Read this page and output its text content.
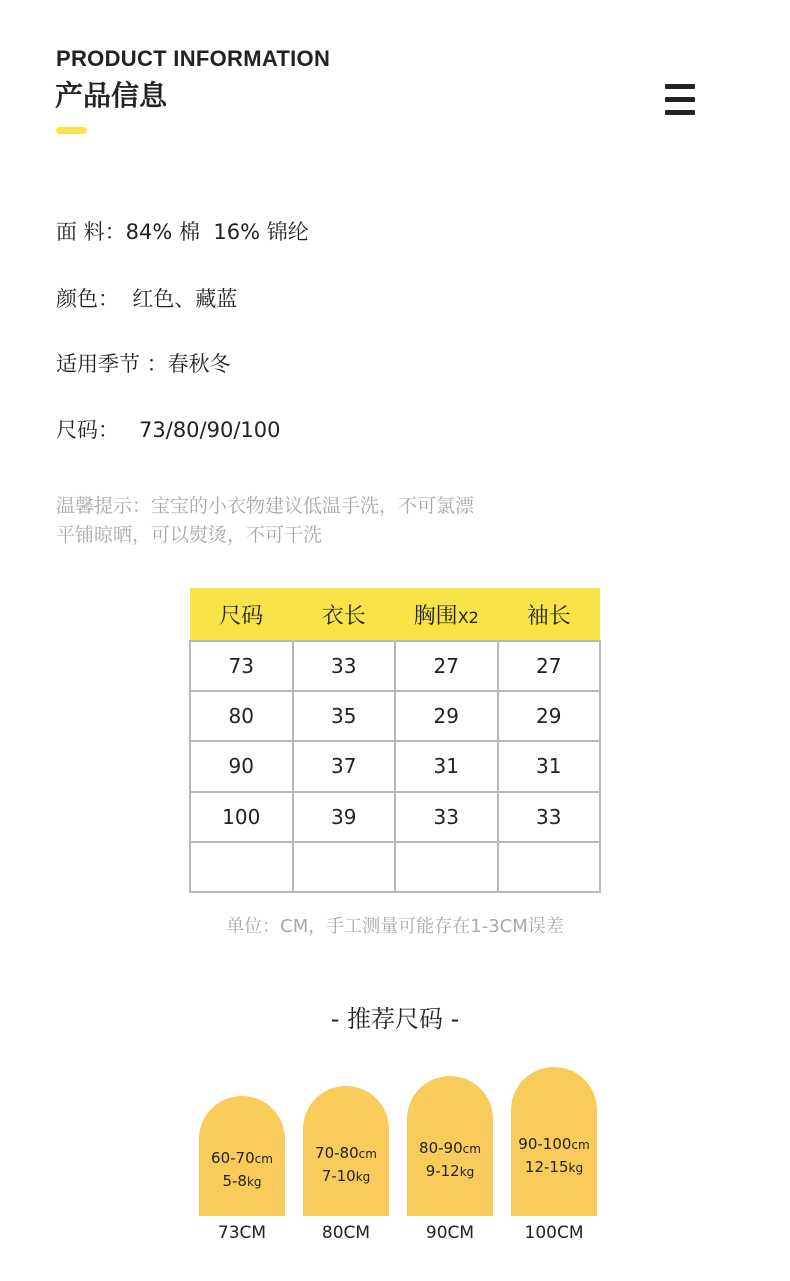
PRODUCT INFORMATION
产品信息
面 料：84% 棉  16% 锦纶
颜色：  红色、藏蓝
适用季节 ：春秋冬
尺码：   73/80/90/100
温馨提示：宝宝的小衣物建议低温手洗，不可氯漂
平铺晾晒，可以熨烫，不可干洗
尺码	衣长	胸围X2	袖长
73	33	27	27
80	35	29	29
90	37	31	31
100	39	33	33

单位：CM，手工测量可能存在1-3CM误差
- 推荐尺码 -
60-70cm
5-8kg
70-80cm
7-10kg
80-90cm
9-12kg
90-100cm
12-15kg
73CM	80CM	90CM	100CM
